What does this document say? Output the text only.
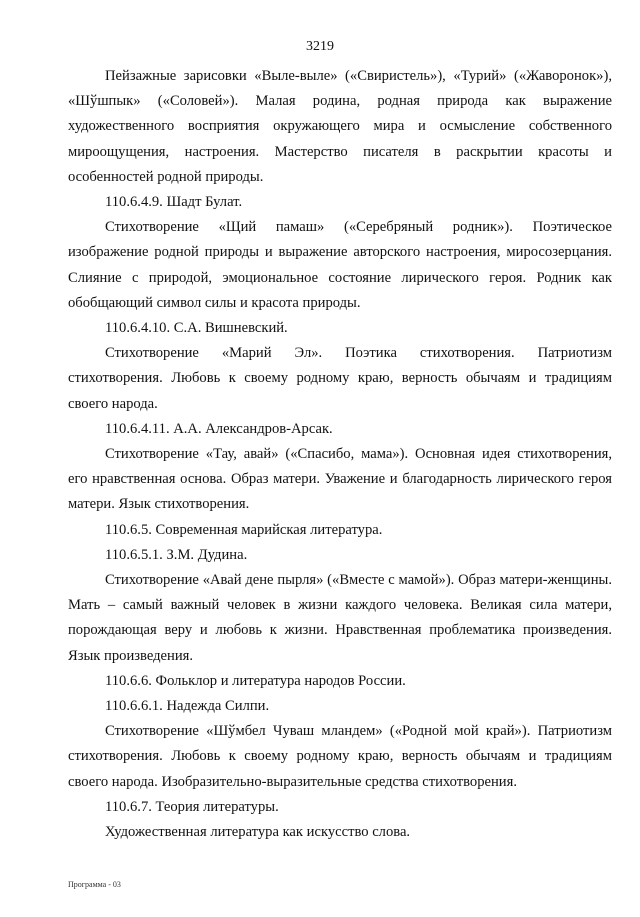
3219

Пейзажные зарисовки «Выле-выле» («Свиристель»), «Турий» («Жаворонок»), «Шўшпык» («Соловей»). Малая родина, родная природа как выражение художественного восприятия окружающего мира и осмысление собственного мироощущения, настроения. Мастерство писателя в раскрытии красоты и особенностей родной природы.

110.6.4.9. Шадт Булат.

Стихотворение «Щий памаш» («Серебряный родник»). Поэтическое изображение родной природы и выражение авторского настроения, миросозерцания. Слияние с природой, эмоциональное состояние лирического героя. Родник как обобщающий символ силы и красота природы.

110.6.4.10. С.А. Вишневский.

Стихотворение «Марий Эл». Поэтика стихотворения. Патриотизм стихотворения. Любовь к своему родному краю, верность обычаям и традициям своего народа.

110.6.4.11. А.А. Александров-Арсак.

Стихотворение «Тау, авай» («Спасибо, мама»). Основная идея стихотворения, его нравственная основа. Образ матери. Уважение и благодарность лирического героя матери. Язык стихотворения.

110.6.5. Современная марийская литература.

110.6.5.1. З.М. Дудина.

Стихотворение «Авай дене пырля» («Вместе с мамой»). Образ матери-женщины. Мать – самый важный человек в жизни каждого человека. Великая сила матери, порождающая веру и любовь к жизни. Нравственная проблематика произведения. Язык произведения.

110.6.6. Фольклор и литература народов России.

110.6.6.1. Надежда Силпи.

Стихотворение «Шўмбел Чуваш мландем» («Родной мой край»). Патриотизм стихотворения. Любовь к своему родному краю, верность обычаям и традициям своего народа. Изобразительно-выразительные средства стихотворения.

110.6.7. Теория литературы.

Художественная литература как искусство слова.

Программа - 03
